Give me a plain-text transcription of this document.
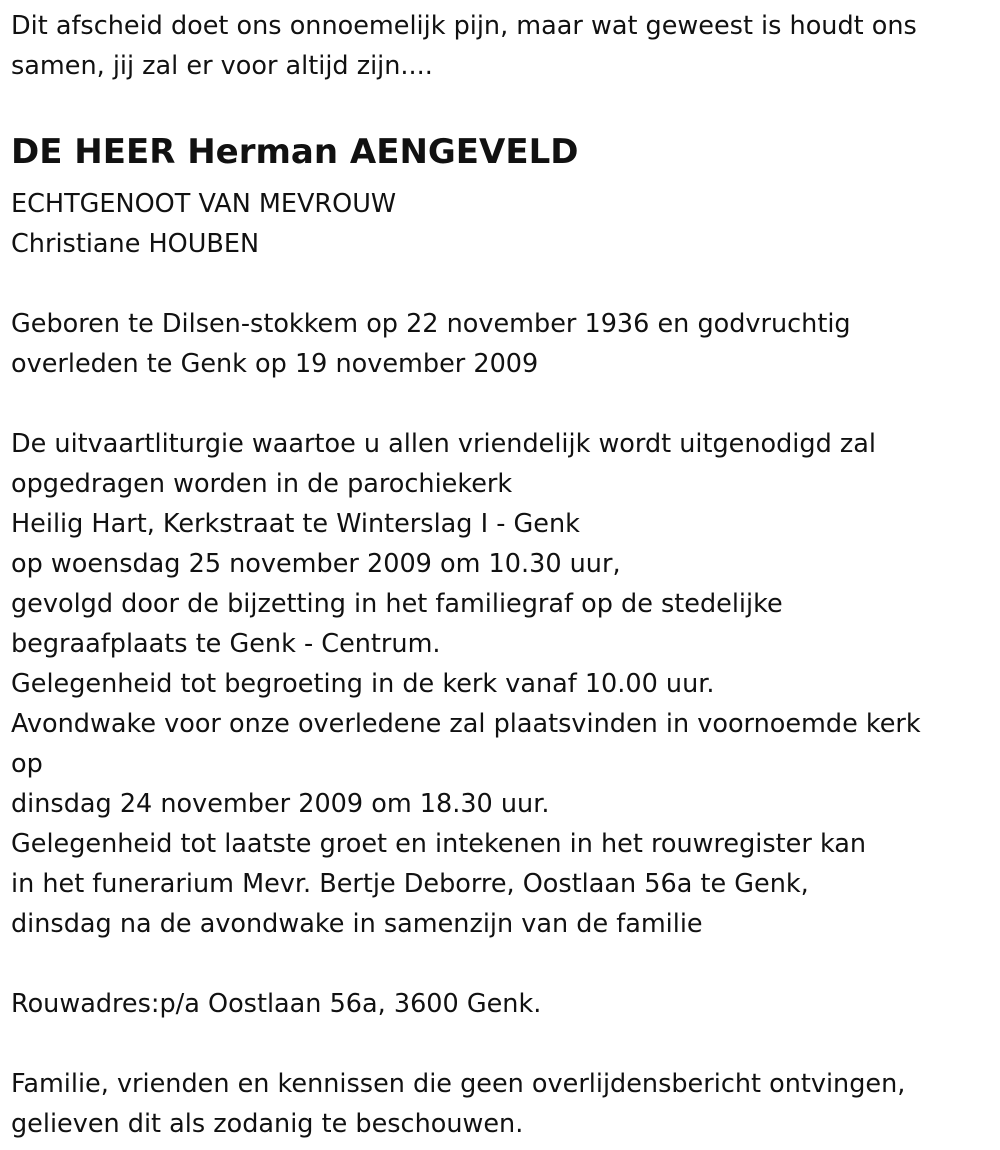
Dit afscheid doet ons onnoemelijk pijn, maar wat geweest is houdt ons
samen, jij zal er voor altijd zijn....
DE HEER Herman AENGEVELD
ECHTGENOOT VAN MEVROUW
Christiane HOUBEN
Geboren te Dilsen-stokkem op 22 november 1936 en godvruchtig
overleden te Genk op 19 november 2009
De uitvaartliturgie waartoe u allen vriendelijk wordt uitgenodigd zal
opgedragen worden in de parochiekerk
Heilig Hart, Kerkstraat te Winterslag I - Genk
op woensdag 25 november 2009 om 10.30 uur,
gevolgd door de bijzetting in het familiegraf op de stedelijke
begraafplaats te Genk - Centrum.
Gelegenheid tot begroeting in de kerk vanaf 10.00 uur.
Avondwake voor onze overledene zal plaatsvinden in voornoemde kerk
op
dinsdag 24 november 2009 om 18.30 uur.
Gelegenheid tot laatste groet en intekenen in het rouwregister kan
in het funerarium Mevr. Bertje Deborre, Oostlaan 56a te Genk,
dinsdag na de avondwake in samenzijn van de familie
Rouwadres:p/a Oostlaan 56a, 3600 Genk.
Familie, vrienden en kennissen die geen overlijdensbericht ontvingen,
gelieven dit als zodanig te beschouwen.
